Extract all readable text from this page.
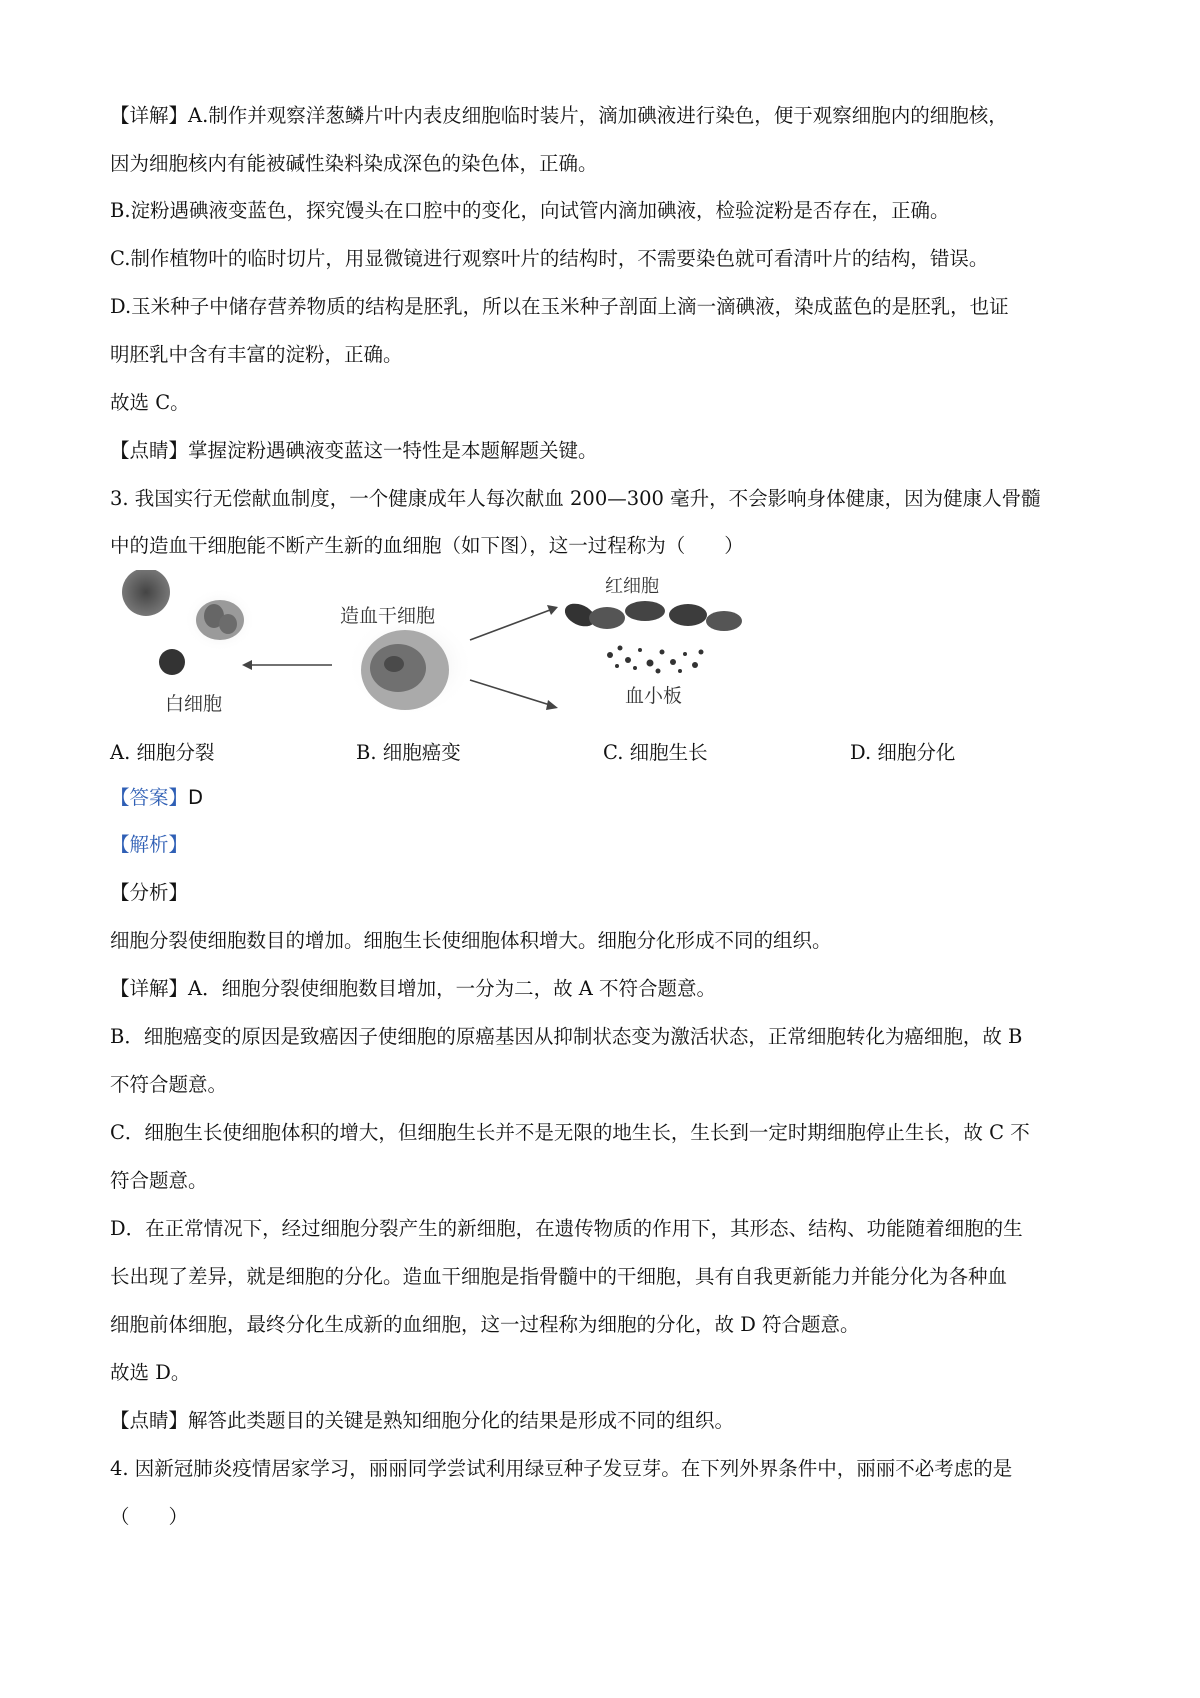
【详解】A.制作并观察洋葱鳞片叶内表皮细胞临时装片，滴加碘液进行染色，便于观察细胞内的细胞核，
因为细胞核内有能被碱性染料染成深色的染色体，正确。
B.淀粉遇碘液变蓝色，探究馒头在口腔中的变化，向试管内滴加碘液，检验淀粉是否存在，正确。
C.制作植物叶的临时切片，用显微镜进行观察叶片的结构时，不需要染色就可看清叶片的结构，错误。
D.玉米种子中储存营养物质的结构是胚乳，所以在玉米种子剖面上滴一滴碘液，染成蓝色的是胚乳，也证
明胚乳中含有丰富的淀粉，正确。
故选 C。
【点睛】掌握淀粉遇碘液变蓝这一特性是本题解题关键。
3. 我国实行无偿献血制度，一个健康成年人每次献血 200—300 毫升，不会影响身体健康，因为健康人骨髓
中的造血干细胞能不断产生新的血细胞（如下图），这一过程称为（　　）
白细胞
造血干细胞
红细胞
血小板
A. 细胞分裂	B. 细胞癌变	C. 细胞生长	D. 细胞分化
【答案】D
【解析】
【分析】
细胞分裂使细胞数目的增加。细胞生长使细胞体积增大。细胞分化形成不同的组织。
【详解】A．细胞分裂使细胞数目增加，一分为二，故 A 不符合题意。
B．细胞癌变的原因是致癌因子使细胞的原癌基因从抑制状态变为激活状态，正常细胞转化为癌细胞，故 B
不符合题意。
C．细胞生长使细胞体积的增大，但细胞生长并不是无限的地生长，生长到一定时期细胞停止生长，故 C 不
符合题意。
D．在正常情况下，经过细胞分裂产生的新细胞，在遗传物质的作用下，其形态、结构、功能随着细胞的生
长出现了差异，就是细胞的分化。造血干细胞是指骨髓中的干细胞，具有自我更新能力并能分化为各种血
细胞前体细胞，最终分化生成新的血细胞，这一过程称为细胞的分化，故 D 符合题意。
故选 D。
【点睛】解答此类题目的关键是熟知细胞分化的结果是形成不同的组织。
4. 因新冠肺炎疫情居家学习，丽丽同学尝试利用绿豆种子发豆芽。在下列外界条件中，丽丽不必考虑的是
（　　）
